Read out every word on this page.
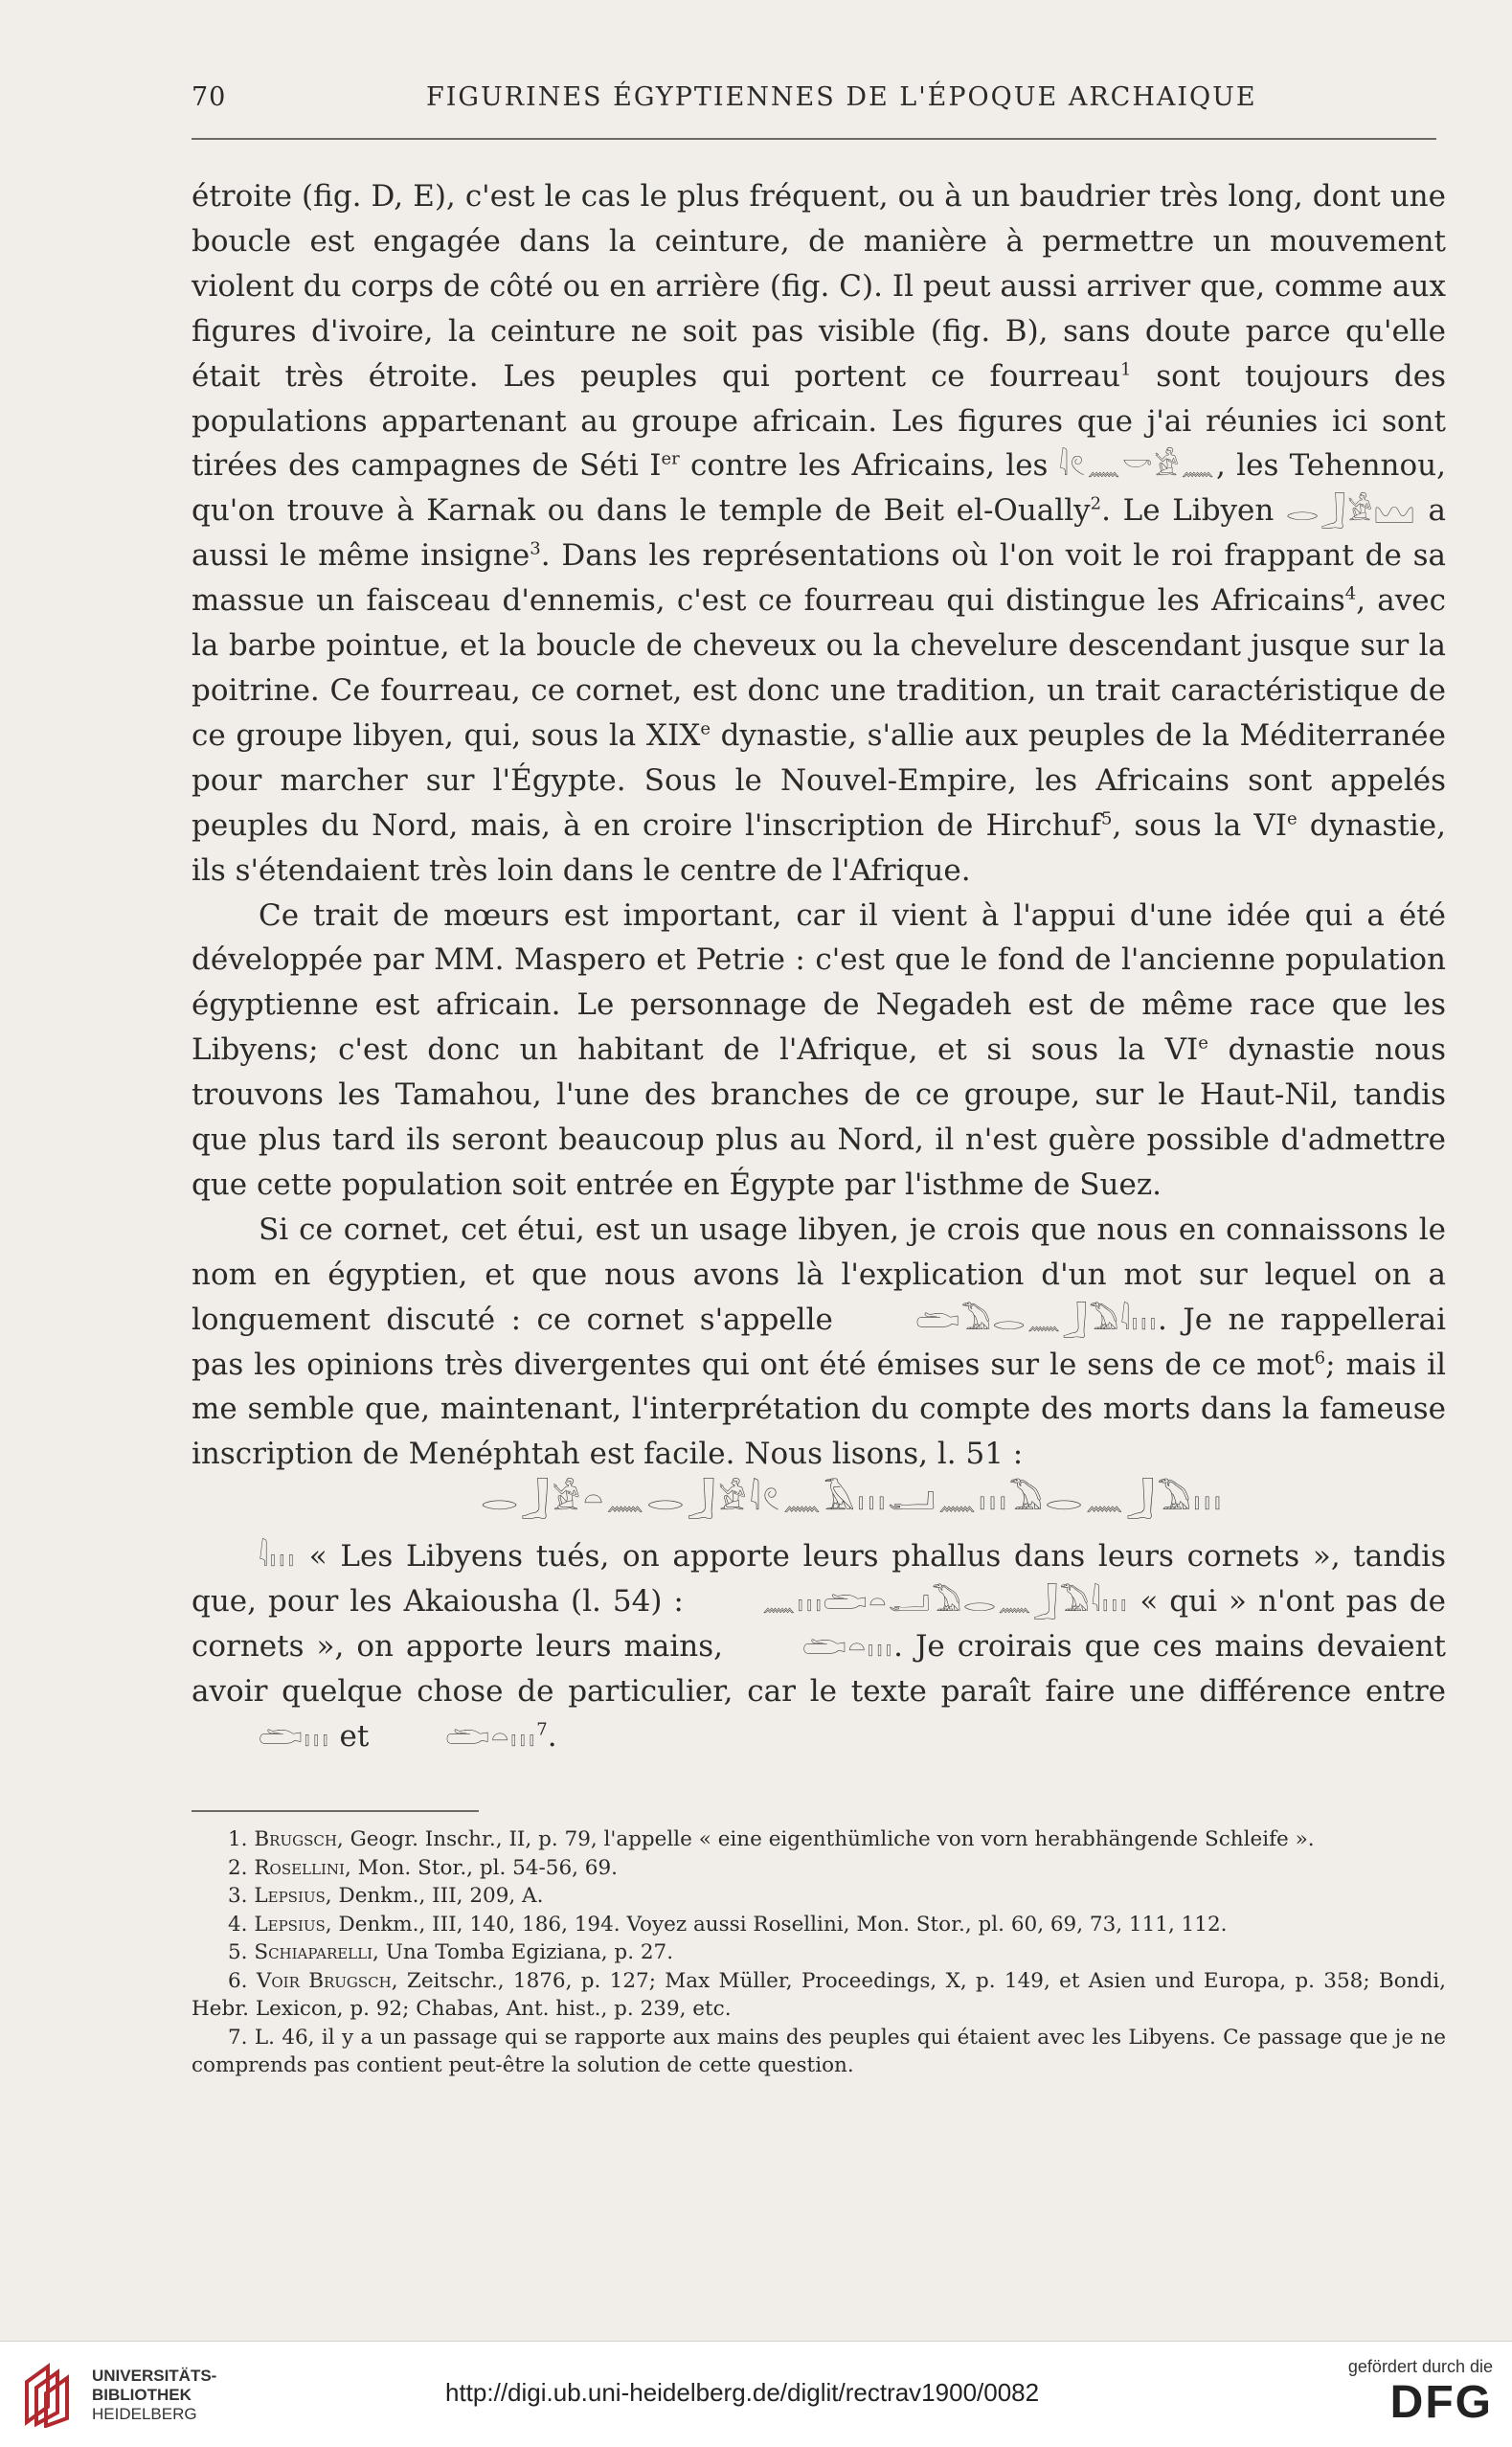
70	FIGURINES ÉGYPTIENNES DE L'ÉPOQUE ARCHAIQUE

étroite (fig. D, E), c'est le cas le plus fréquent, ou à un baudrier très long, dont une boucle est engagée dans la ceinture, de manière à permettre un mouvement violent du corps de côté ou en arrière (fig. C). Il peut aussi arriver que, comme aux figures d'ivoire, la ceinture ne soit pas visible (fig. B), sans doute parce qu'elle était très étroite. Les peuples qui portent ce fourreau$^1$ sont toujours des populations appartenant au groupe africain. Les figures que j'ai réunies ici sont tirées des campagnes de Séti Ier contre les Africains, les 𓇋𓏲𓈖𓎡𓀀𓈖, les Tehennou, qu'on trouve à Karnak ou dans le temple de Beit el-Oually$^2$. Le Libyen 𓂋𓃀𓀀𓈉 a aussi le même insigne$^3$. Dans les représentations où l'on voit le roi frappant de sa massue un faisceau d'ennemis, c'est ce fourreau qui distingue les Africains$^4$, avec la barbe pointue, et la boucle de cheveux ou la chevelure descendant jusque sur la poitrine. Ce fourreau, ce cornet, est donc une tradition, un trait caractéristique de ce groupe libyen, qui, sous la XIXe dynastie, s'allie aux peuples de la Méditerranée pour marcher sur l'Égypte. Sous le Nouvel-Empire, les Africains sont appelés peuples du Nord, mais, à en croire l'inscription de Hirchuf$^5$, sous la VIe dynastie, ils s'étendaient très loin dans le centre de l'Afrique.

Ce trait de mœurs est important, car il vient à l'appui d'une idée qui a été développée par MM. Maspero et Petrie : c'est que le fond de l'ancienne population égyptienne est africain. Le personnage de Negadeh est de même race que les Libyens; c'est donc un habitant de l'Afrique, et si sous la VIe dynastie nous trouvons les Tamahou, l'une des branches de ce groupe, sur le Haut-Nil, tandis que plus tard ils seront beaucoup plus au Nord, il n'est guère possible d'admettre que cette population soit entrée en Égypte par l'isthme de Suez.

Si ce cornet, cet étui, est un usage libyen, je crois que nous en connaissons le nom en égyptien, et que nous avons là l'explication d'un mot sur lequel on a longuement discuté : ce cornet s'appelle 𓂧𓅐𓂋𓈖𓃀𓅐𓇋𓏥. Je ne rappellerai pas les opinions très divergentes qui ont été émises sur le sens de ce mot$^6$; mais il me semble que, maintenant, l'interprétation du compte des morts dans la fameuse inscription de Menéphtah est facile. Nous lisons, l. 51 :
𓂋𓃀𓀀𓏏𓈖𓂋𓃀𓀀𓇋𓏲𓈖𓄿𓏥𓂝𓈖𓏥𓅐𓂋𓈖𓃀𓅐𓏥
𓇋𓏥 « Les Libyens tués, on apporte leurs phallus dans leurs cornets », tandis que, pour les Akaiousha (l. 54) : 𓈖𓏥𓂧𓏏𓂝𓅐𓂋𓈖𓃀𓅐𓇋𓏥 « qui » n'ont pas de cornets », on apporte leurs mains, 𓂧𓏏𓏥. Je croirais que ces mains devaient avoir quelque chose de particulier, car le texte paraît faire une différence entre 𓂧𓏥 et 𓂧𓏏𓏥$^7$.

1. Brugsch, Geogr. Inschr., II, p. 79, l'appelle « eine eigenthümliche von vorn herabhängende Schleife ».

2. Rosellini, Mon. Stor., pl. 54-56, 69.

3. Lepsius, Denkm., III, 209, A.

4. Lepsius, Denkm., III, 140, 186, 194. Voyez aussi Rosellini, Mon. Stor., pl. 60, 69, 73, 111, 112.

5. Schiaparelli, Una Tomba Egiziana, p. 27.

6. Voir Brugsch, Zeitschr., 1876, p. 127; Max Müller, Proceedings, X, p. 149, et Asien und Europa, p. 358; Bondi, Hebr. Lexicon, p. 92; Chabas, Ant. hist., p. 239, etc.

7. L. 46, il y a un passage qui se rapporte aux mains des peuples qui étaient avec les Libyens. Ce passage que je ne comprends pas contient peut-être la solution de cette question.

UNIVERSITÄTS-
BIBLIOTHEK
HEIDELBERG
http://digi.ub.uni-heidelberg.de/diglit/rectrav1900/0082
gefördert durch die
DFG
